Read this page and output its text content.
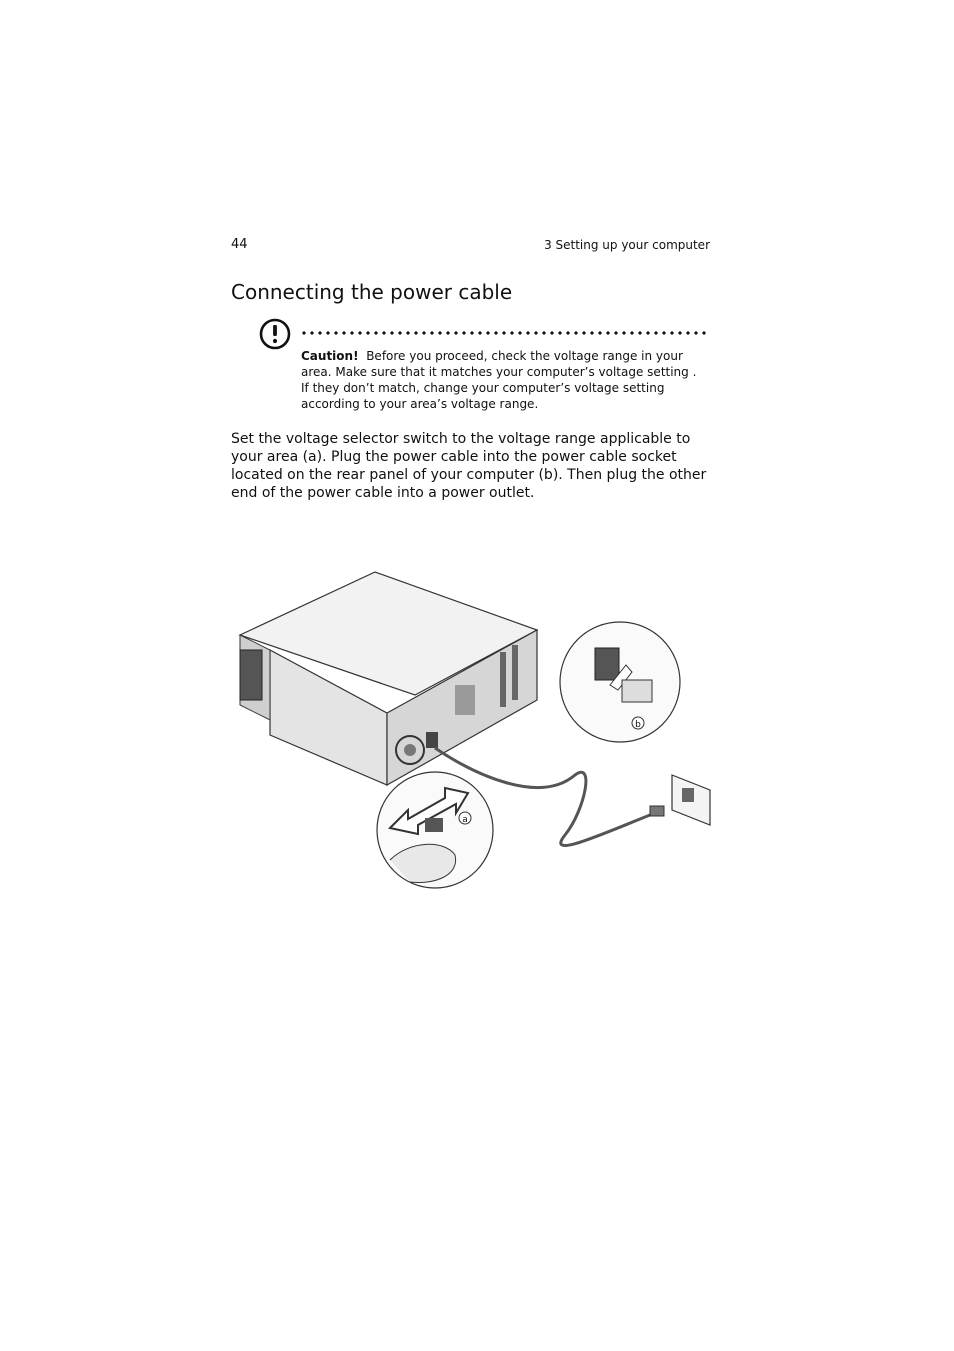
44	3 Setting up your computer
Connecting the power cable

Caution! Before you proceed, check the voltage range in your area. Make sure that it matches your computer’s voltage setting . If they don’t match, change your computer’s voltage setting according to your area’s voltage range.

Set the voltage selector switch to the voltage range applicable to your area (a). Plug the power cable into the power cable socket located on the rear panel of your computer (b). Then plug the other end of the power cable into a power outlet.

a
b
